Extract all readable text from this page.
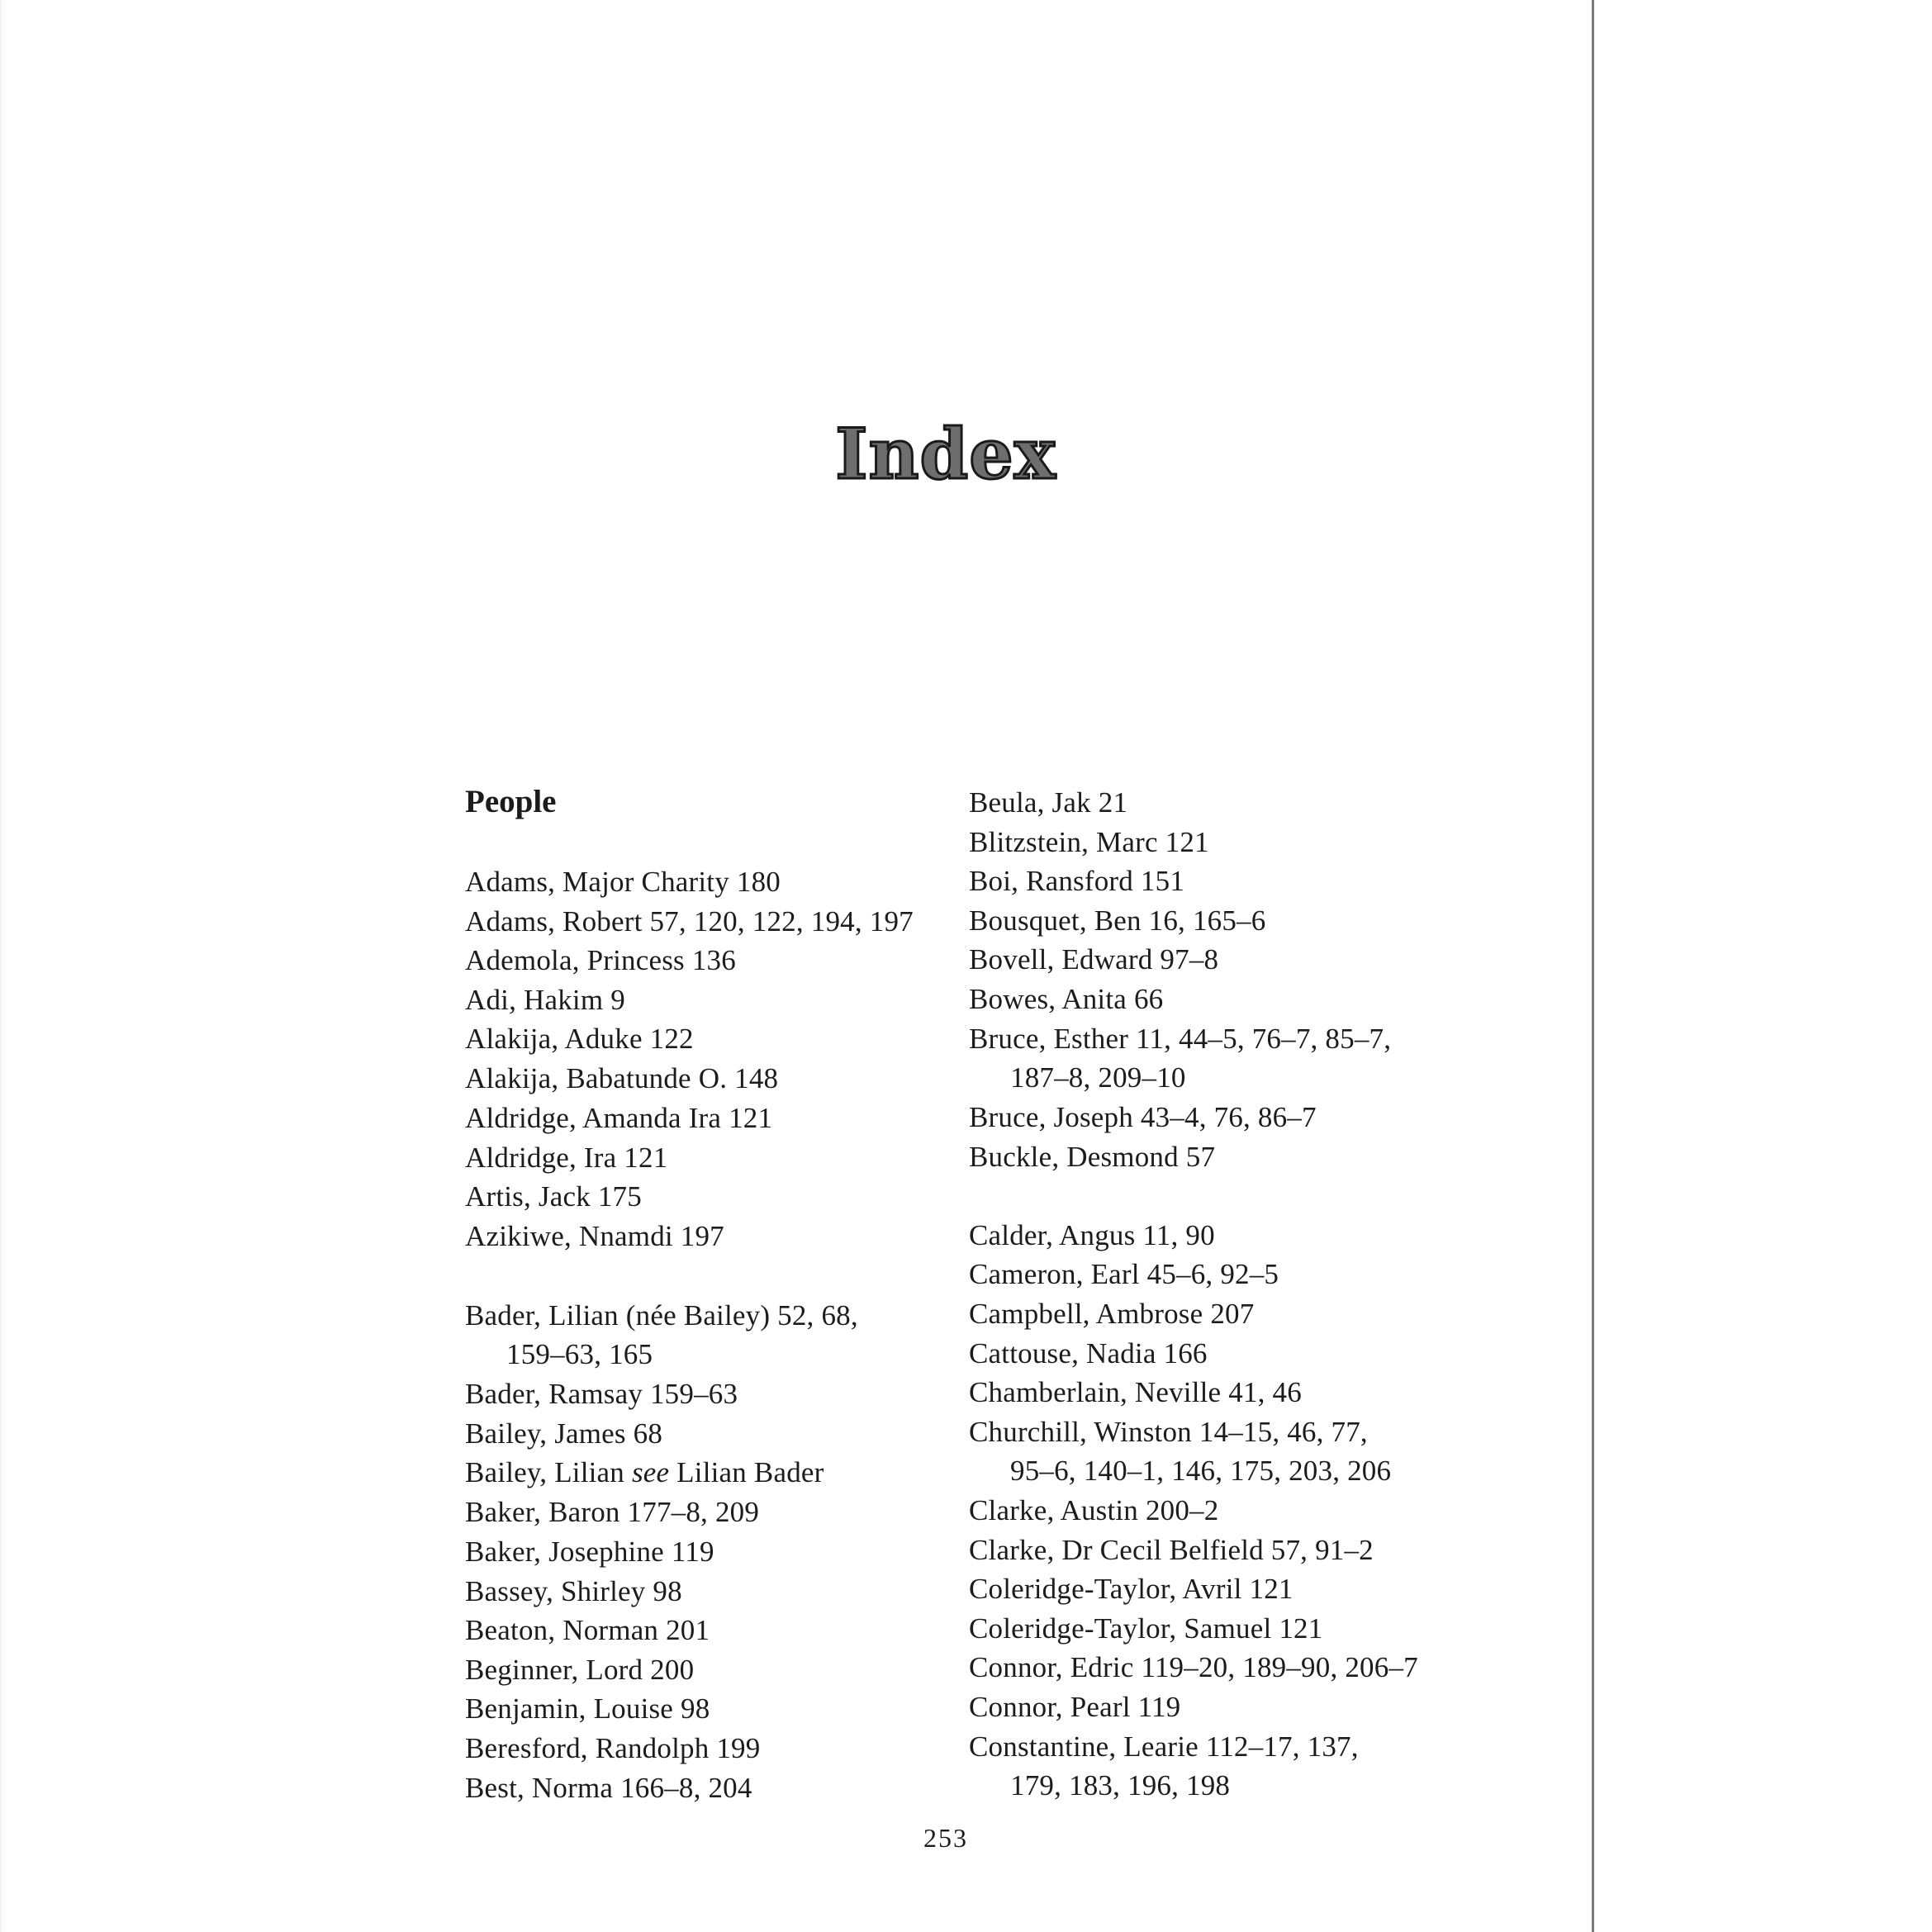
Index
People
Adams, Major Charity 180
Adams, Robert 57, 120, 122, 194, 197
Ademola, Princess 136
Adi, Hakim 9
Alakija, Aduke 122
Alakija, Babatunde O. 148
Aldridge, Amanda Ira 121
Aldridge, Ira 121
Artis, Jack 175
Azikiwe, Nnamdi 197
Bader, Lilian (née Bailey) 52, 68,
159–63, 165
Bader, Ramsay 159–63
Bailey, James 68
Bailey, Lilian see Lilian Bader
Baker, Baron 177–8, 209
Baker, Josephine 119
Bassey, Shirley 98
Beaton, Norman 201
Beginner, Lord 200
Benjamin, Louise 98
Beresford, Randolph 199
Best, Norma 166–8, 204
Beula, Jak 21
Blitzstein, Marc 121
Boi, Ransford 151
Bousquet, Ben 16, 165–6
Bovell, Edward 97–8
Bowes, Anita 66
Bruce, Esther 11, 44–5, 76–7, 85–7,
187–8, 209–10
Bruce, Joseph 43–4, 76, 86–7
Buckle, Desmond 57
Calder, Angus 11, 90
Cameron, Earl 45–6, 92–5
Campbell, Ambrose 207
Cattouse, Nadia 166
Chamberlain, Neville 41, 46
Churchill, Winston 14–15, 46, 77,
95–6, 140–1, 146, 175, 203, 206
Clarke, Austin 200–2
Clarke, Dr Cecil Belfield 57, 91–2
Coleridge-Taylor, Avril 121
Coleridge-Taylor, Samuel 121
Connor, Edric 119–20, 189–90, 206–7
Connor, Pearl 119
Constantine, Learie 112–17, 137,
179, 183, 196, 198
253
